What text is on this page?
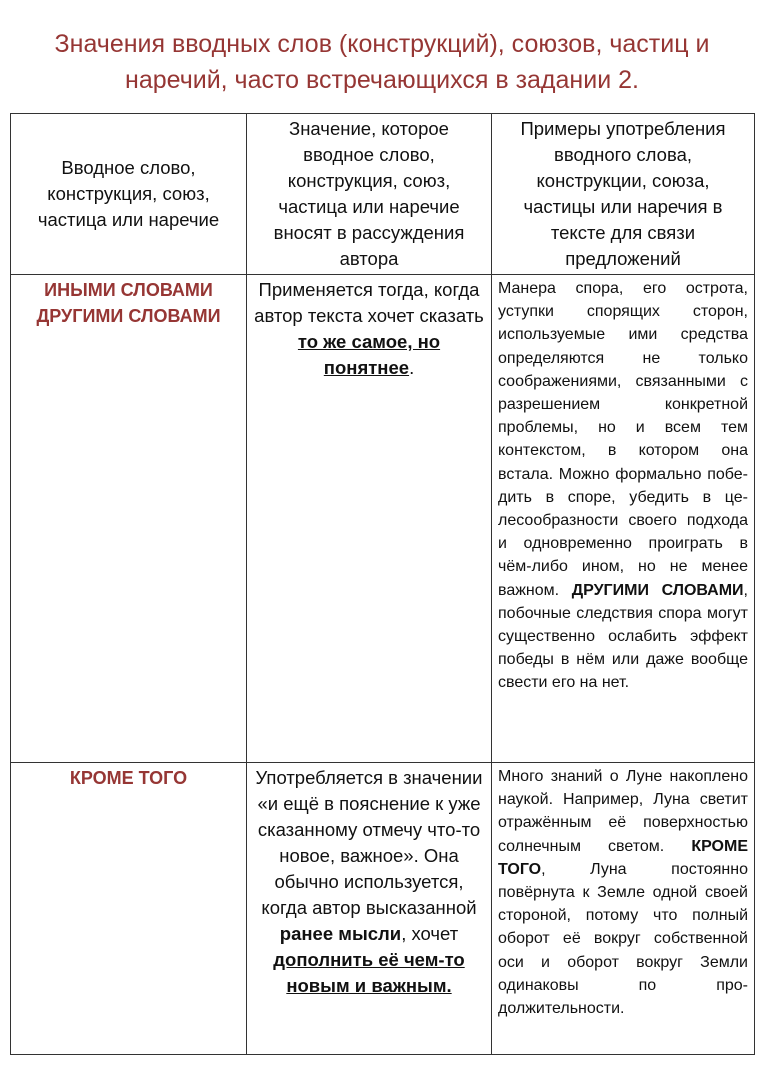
Значения вводных слов (конструкций), союзов, частиц и
наречий, часто встречающихся в задании 2.
Вводное слово, конструкция, союз, частица или наречие	Значение, которое вводное слово, конструкция, союз, частица или наречие вносят в рассуждения автора	Примеры употребления вводного слова, конструкции, союза, частицы или наречия в тексте для связи предложений

ИНЫМИ СЛОВАМИ
ДРУГИМИ СЛОВАМИ	Применяется тогда, когда автор текста хочет сказать то же самое, но понятнее.	Манера спора, его острота, уступки спорящих сторон, используемые ими средства определяются не только соображениями, связанными с разрешением конкретной проблемы, но и всем тем контекстом, в котором она встала. Можно формально победить в споре, убедить в целесообразности своего подхода и одновременно проиграть в чём-либо ином, но не менее важном. ДРУГИМИ СЛОВАМИ, побочные следствия спора могут существенно ослабить эффект победы в нём или даже вообще свести его на нет.

КРОМЕ ТОГО	Употребляется в значении «и ещё в пояснение к уже сказанному отмечу что-то новое, важное». Она обычно используется, когда автор высказанной ранее мысли, хочет дополнить её чем-то новым и важным.	Много знаний о Луне накоплено наукой. Например, Луна светит отражённым её поверхностью солнечным светом. КРОМЕ ТОГО, Луна постоянно повёрнута к Земле одной своей стороной, потому что полный оборот её вокруг собственной оси и оборот вокруг Земли одинаковы по продолжительности.
